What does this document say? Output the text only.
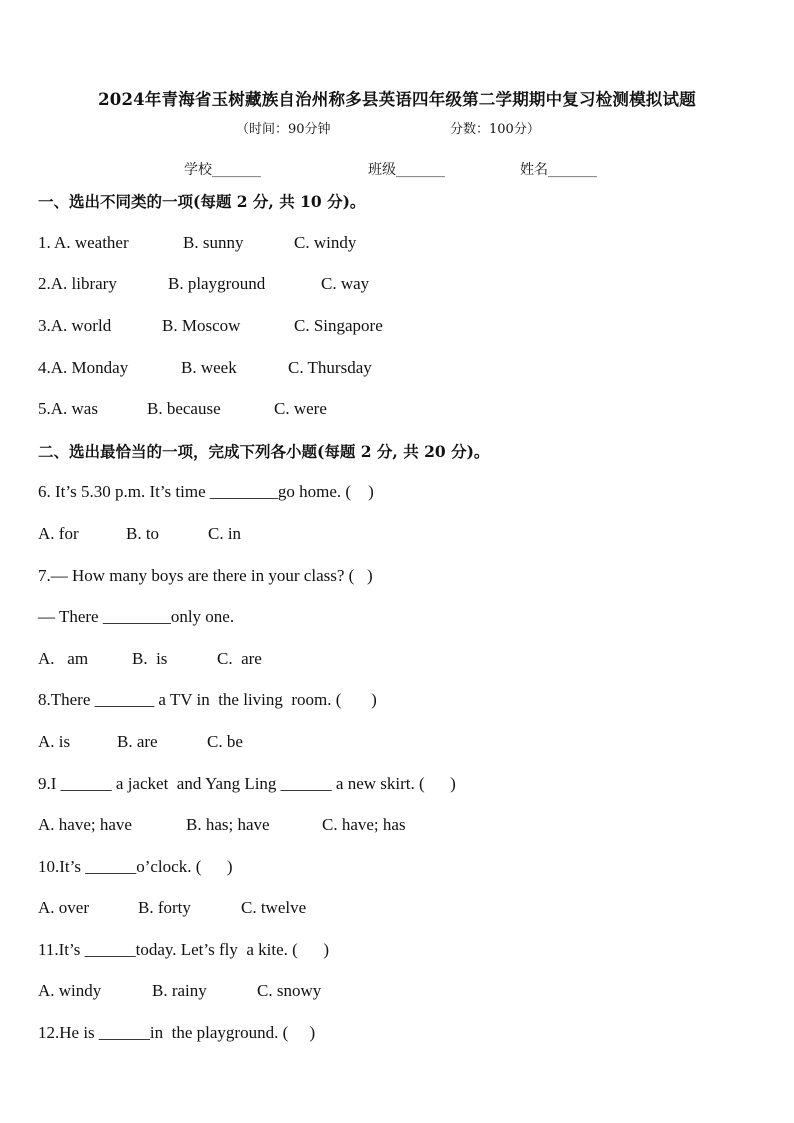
2024年青海省玉树藏族自治州称多县英语四年级第二学期期中复习检测模拟试题
（时间：90分钟	分数：100分）
学校_______	班级_______	姓名_______
一、选出不同类的一项(每题 2 分, 共 10 分)。
1. A. weather	B. sunny	C. windy
2.A. library	B. playground	C. way
3.A. world	B. Moscow	C. Singapore
4.A. Monday	B. week	C. Thursday
5.A. was	B. because	C. were
二、选出最恰当的一项，完成下列各小题(每题 2 分, 共 20 分)。
6. It’s 5.30 p.m. It’s time ________go home. (    )
A. for	B. to	C. in
7.— How many boys are there in your class? (   )
— There ________only one.
A.   am	B.  is	C.  are
8.There _______ a TV in  the living  room. (       )
A. is	B. are	C. be
9.I ______ a jacket  and Yang Ling ______ a new skirt. (      )
A. have; have	B. has; have	C. have; has
10.It’s ______o’clock. (      )
A. over	B. forty	C. twelve
11.It’s ______today. Let’s fly  a kite. (      )
A. windy	B. rainy	C. snowy
12.He is ______in  the playground. (     )
